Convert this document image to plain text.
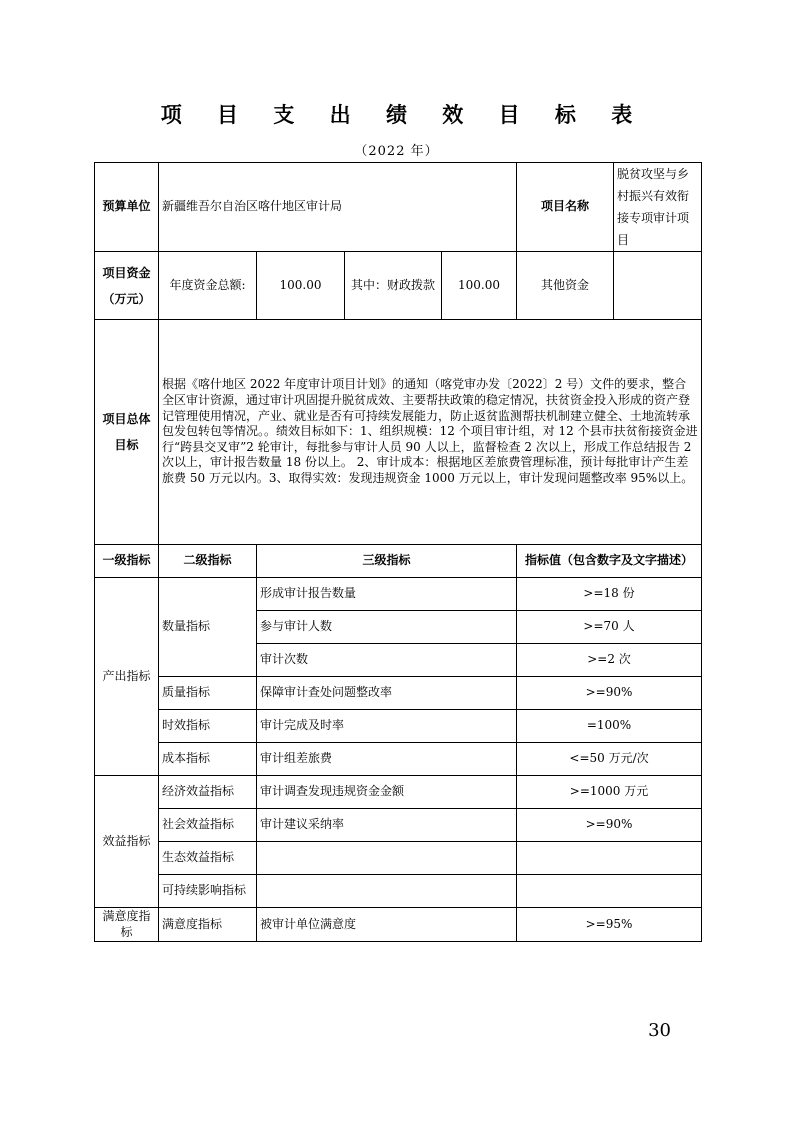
项 目 支 出 绩 效 目 标 表
（2022 年）
预算单位	新疆维吾尔自治区喀什地区审计局				项目名称	脱贫攻坚与乡村振兴有效衔接专项审计项目

项目资金
（万元）	年度资金总额:	100.00	其中：财政拨款	100.00	其他资金	
项目总体目标	根据《喀什地区 2022 年度审计项目计划》的通知（喀党审办发〔2022〕2 号）文件的要求，整合全区审计资源，通过审计巩固提升脱贫成效、主要帮扶政策的稳定情况，扶贫资金投入形成的资产登记管理使用情况，产业、就业是否有可持续发展能力，防止返贫监测帮扶机制建立健全、土地流转承包发包转包等情况。。绩效目标如下：1、组织规模：12 个项目审计组，对 12 个县市扶贫衔接资金进行“跨县交叉审”2 轮审计，每批参与审计人员 90 人以上，监督检查 2 次以上，形成工作总结报告 2 次以上，审计报告数量 18 份以上。 2、审计成本：根据地区差旅费管理标准，预计每批审计产生差旅费 50 万元以内。3、取得实效：发现违规资金 1000 万元以上，审计发现问题整改率 95%以上。					
一级指标	二级指标	三级指标			指标值（包含数字及文字描述）	
产出指标	数量指标	形成审计报告数量			>=18 份	
		参与审计人数			>=70 人	
		审计次数			>=2 次	
	质量指标	保障审计查处问题整改率			>=90%	
	时效指标	审计完成及时率			=100%	
	成本指标	审计组差旅费			<=50 万元/次	
效益指标	经济效益指标	审计调查发现违规资金金额			>=1000 万元	
	社会效益指标	审计建议采纳率			>=90%	
	生态效益指标					
	可持续影响指标					
满意度指标	满意度指标	被审计单位满意度			>=95%	
30
